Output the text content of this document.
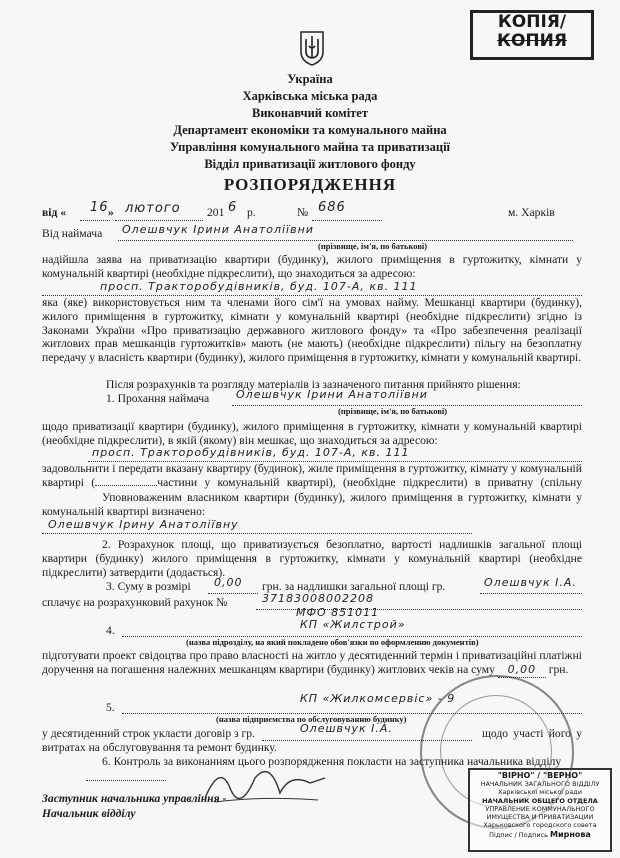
КОПІЯ/
КОПИЯ
Україна
Харківська міська рада
Виконавчий комітет
Департамент економіки та комунального майна
Управління комунального майна та приватизації
Відділ приватизації житлового фонду
РОЗПОРЯДЖЕННЯ
від « 16 » лютого 201 6 р.	№ 686	м. Харків
Від наймача Олешвчук Ірини Анатоліївни
(прізвище, ім'я, по батькові)
надійшла заява на приватизацію квартири (будинку), жилого приміщення в гуртожитку, кімнати у комунальній квартирі (необхідне підкреслити), що знаходиться за адресою:
просп. Тракторобудівників, буд. 107-А, кв. 111
яка (яке) використовується ним та членами його сім'ї на умовах найму. Мешканці квартири (будинку), жилого приміщення в гуртожитку, кімнати у комунальній квартирі (необхідне підкреслити) згідно із Законами України «Про приватизацію державного житлового фонду» та «Про забезпечення реалізації житлових прав мешканців гуртожитків» мають (не мають) (необхідне підкреслити) пільгу на безоплатну передачу у власність квартири (будинку), жилого приміщення в гуртожитку, кімнати у комунальній квартирі.
Після розрахунків та розгляду матеріалів із зазначеного питання прийнято рішення:
1. Прохання наймача Олешвчук Ірини Анатоліївни
(прізвище, ім'я, по батькові)
щодо приватизації квартири (будинку), жилого приміщення в гуртожитку, кімнати у комунальній квартирі (необхідне підкреслити), в якій (якому) він мешкає, що знаходиться за адресою:
просп. Тракторобудівників, буд. 107-А, кв. 111
задовольнити і передати вказану квартиру (будинок), жиле приміщення в гуртожитку, кімнату у комунальній квартирі (	частини у комунальній квартирі), (необхідне підкреслити) в приватну (спільну
Уповноваженим власником квартири (будинку), жилого приміщення в гуртожитку, кімнати у комунальній квартирі визначено:
Олешвчук Ірину Анатоліївну
2. Розрахунок площі, що приватизується безоплатно, вартості надлишків загальної площі квартири (будинку) жилого приміщення в гуртожитку, кімнати у комунальній квартирі (необхідне підкреслити) затвердити (додається).
3. Суму в розмірі 0,00 грн. за надлишки загальної площі гр.	Олешвчук І.А.
сплачує на розрахунковий рахунок №	37183008002208
МФО 851011
4.	КП «Жилстрой»
(назва підрозділу, на який покладено обов'язки по оформленню документів)
підготувати проект свідоцтва про право власності на житло у десятиденний термін і приватизаційні платіжні доручення на погашення належних мешканцям квартири (будинку) житлових чеків на суму 0,00 грн.
5.
КП «Жилкомсервіс» - 9
(назва підприємства по обслуговуванню будинку)
у десятиденний строк укласти договір з гр.	Олешвчук І.А.	щодо участі його у витратах на обслуговування та ремонт будинку.
6. Контроль за виконанням цього розпорядження покласти на заступника начальника відділу
Заступник начальника управління -
Начальник відділу
"ВІРНО" / "ВЕРНО"
НАЧАЛЬНИК ЗАГАЛЬНОГО ВІДДІЛУ
Харківської міської ради
НАЧАЛЬНИК ОБЩЕГО ОТДЕЛА
УПРАВЛЕНИЕ КОММУНАЛЬНОГО ИМУЩЕСТВА И ПРИВАТИЗАЦИИ
Харьковского городского совета
Підпис / Подпись Мирнова
